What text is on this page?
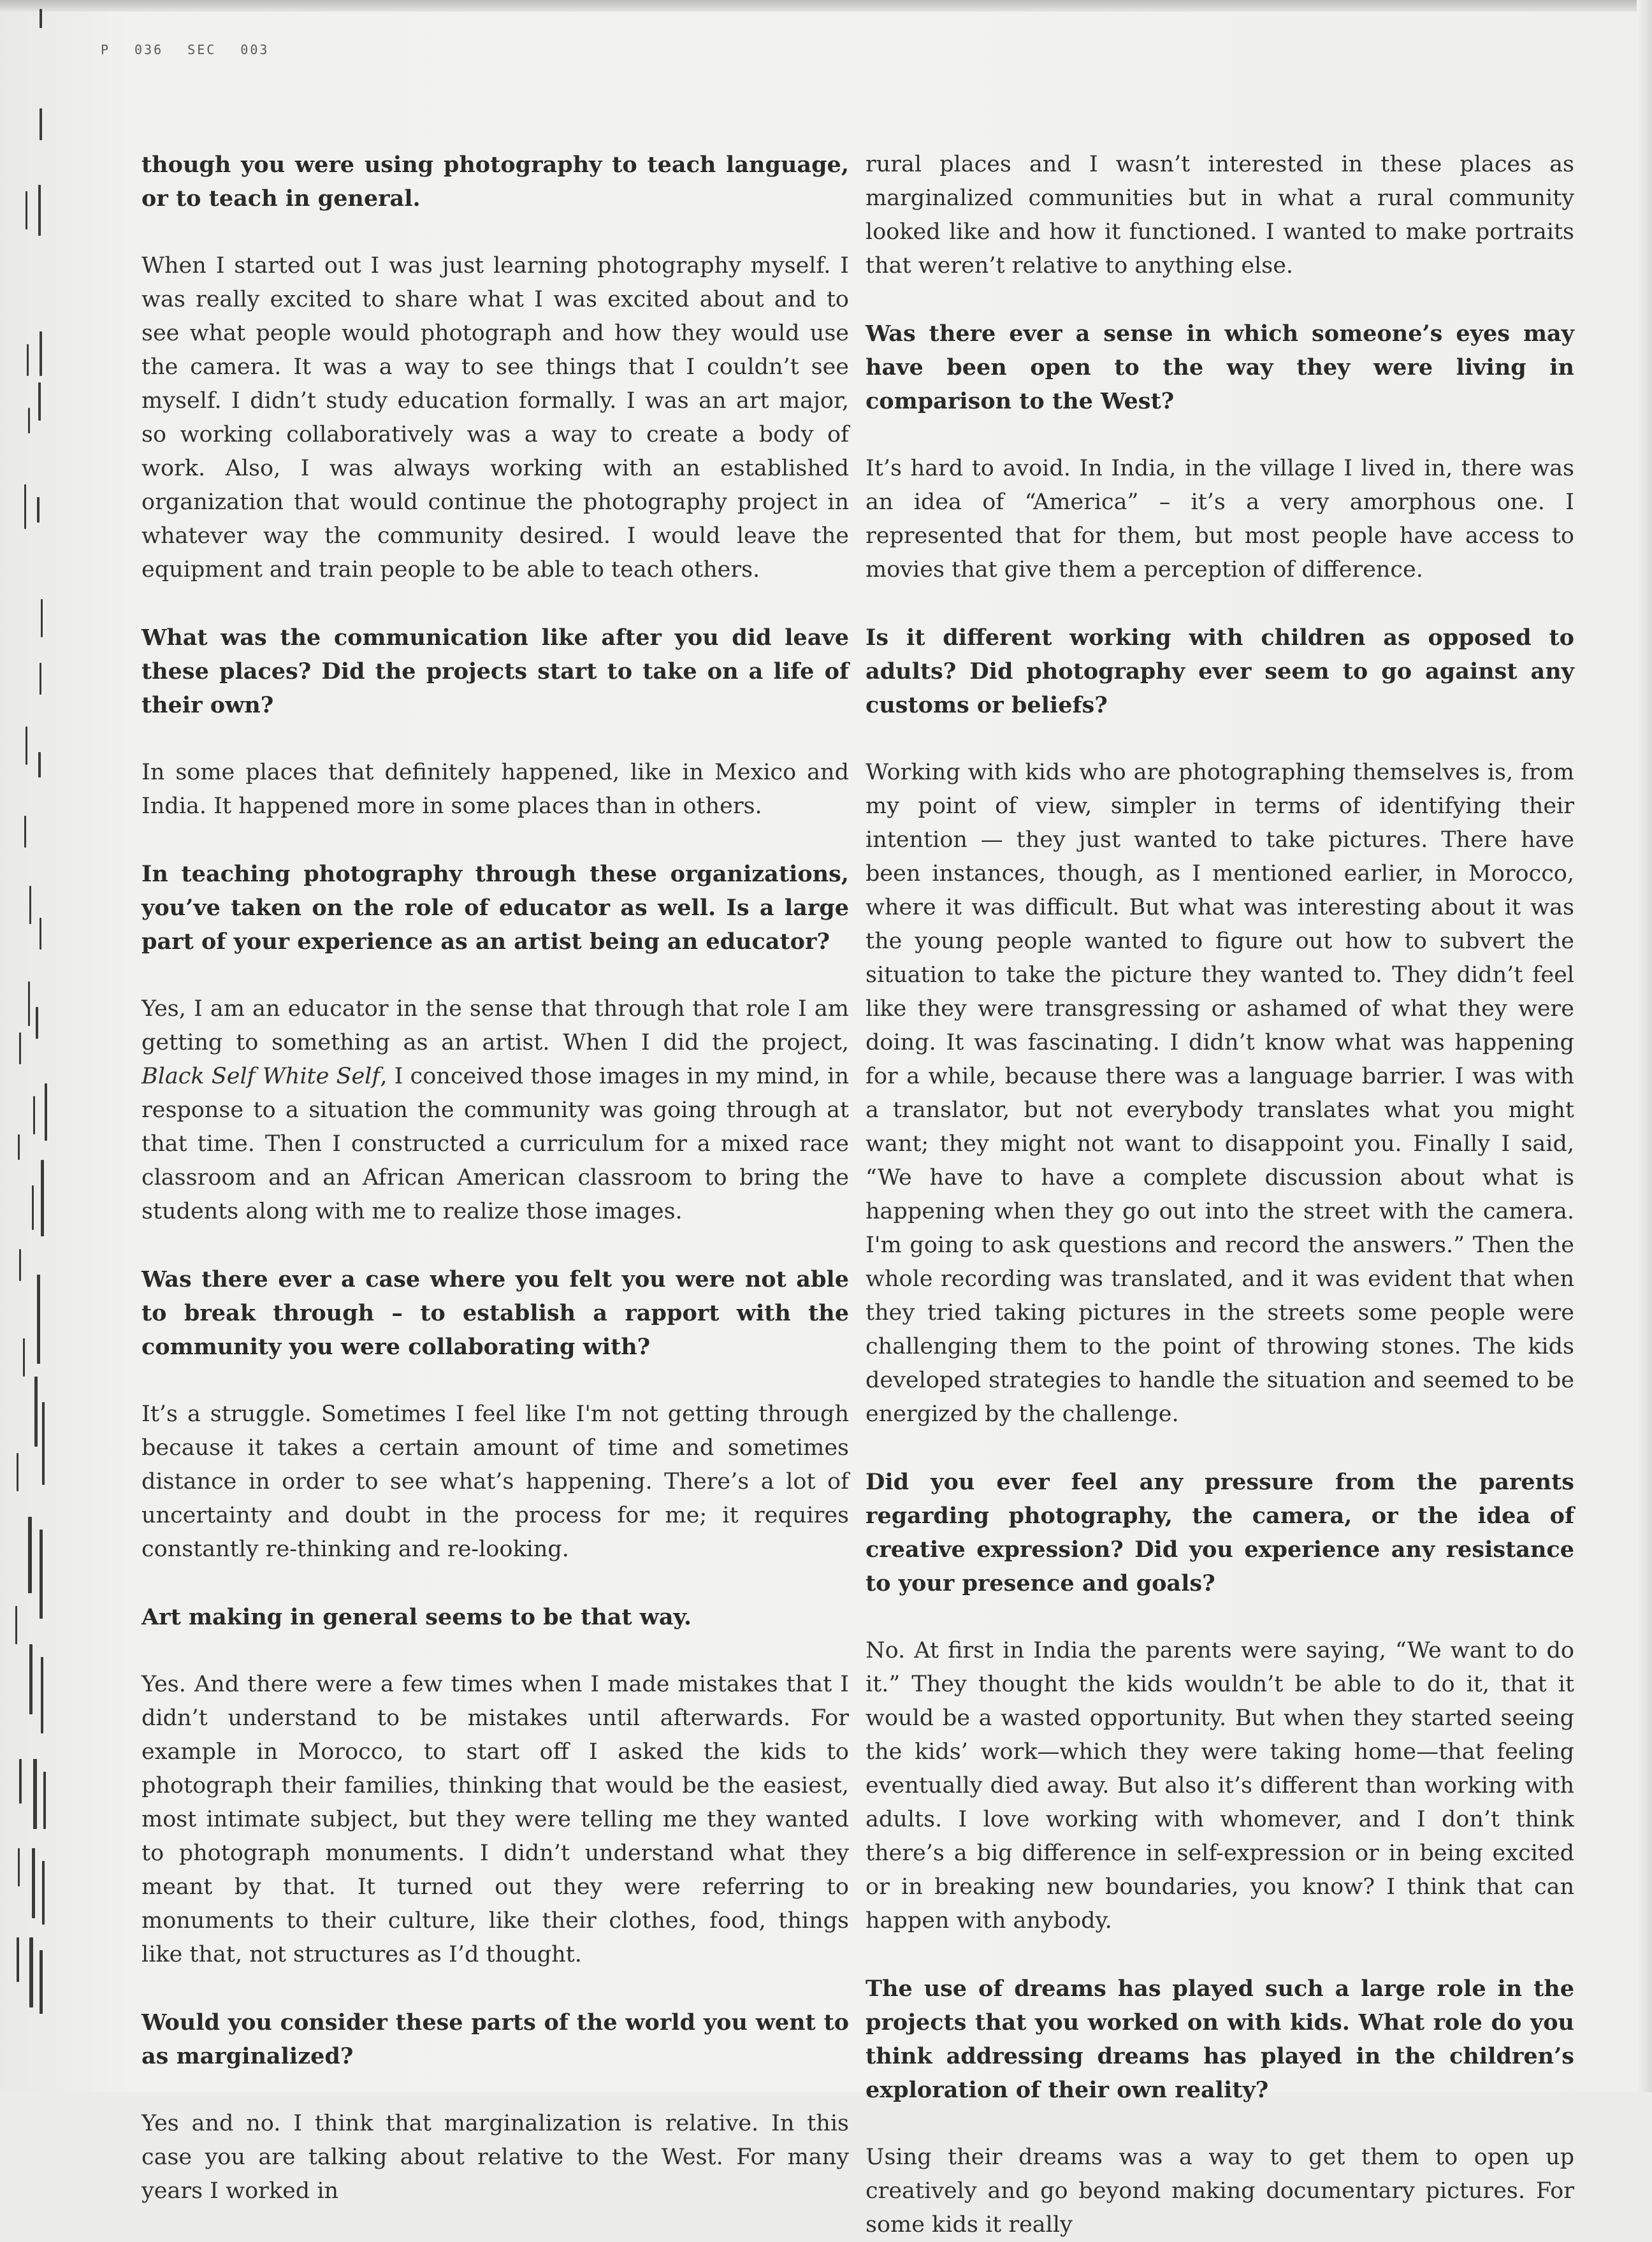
P 036 SEC 003

though you were using photography to teach language, or to teach in general.

When I started out I was just learning photography myself. I was really excited to share what I was excited about and to see what people would photograph and how they would use the camera. It was a way to see things that I couldn’t see myself. I didn’t study education formally. I was an art major, so working collaboratively was a way to create a body of work. Also, I was always working with an established organization that would continue the photography project in whatever way the community desired. I would leave the equipment and train people to be able to teach others.

What was the communication like after you did leave these places? Did the projects start to take on a life of their own?

In some places that definitely happened, like in Mexico and India. It happened more in some places than in others.

In teaching photography through these organizations, you’ve taken on the role of educator as well. Is a large part of your experience as an artist being an educator?

Yes, I am an educator in the sense that through that role I am getting to something as an artist. When I did the project, Black Self White Self, I conceived those images in my mind, in response to a situation the community was going through at that time. Then I constructed a curriculum for a mixed race classroom and an African American classroom to bring the students along with me to realize those images.

Was there ever a case where you felt you were not able to break through – to establish a rapport with the community you were collaborating with?

It’s a struggle. Sometimes I feel like I'm not getting through because it takes a certain amount of time and sometimes distance in order to see what’s happening. There’s a lot of uncertainty and doubt in the process for me; it requires constantly re-thinking and re-looking.

Art making in general seems to be that way.

Yes. And there were a few times when I made mistakes that I didn’t understand to be mistakes until afterwards. For example in Morocco, to start off I asked the kids to photograph their families, thinking that would be the easiest, most intimate subject, but they were telling me they wanted to photograph monuments. I didn’t understand what they meant by that. It turned out they were referring to monuments to their culture, like their clothes, food, things like that, not structures as I’d thought.

Would you consider these parts of the world you went to as marginalized?

Yes and no. I think that marginalization is relative. In this case you are talking about relative to the West. For many years I worked in

rural places and I wasn’t interested in these places as marginalized communities but in what a rural community looked like and how it functioned. I wanted to make portraits that weren’t relative to anything else.

Was there ever a sense in which someone’s eyes may have been open to the way they were living in comparison to the West?

It’s hard to avoid. In India, in the village I lived in, there was an idea of “America” – it’s a very amorphous one. I represented that for them, but most people have access to movies that give them a perception of difference.

Is it different working with children as opposed to adults? Did photography ever seem to go against any customs or beliefs?

Working with kids who are photographing themselves is, from my point of view, simpler in terms of identifying their intention — they just wanted to take pictures. There have been instances, though, as I mentioned earlier, in Morocco, where it was difficult. But what was interesting about it was the young people wanted to figure out how to subvert the situation to take the picture they wanted to. They didn’t feel like they were transgressing or ashamed of what they were doing. It was fascinating. I didn’t know what was happening for a while, because there was a language barrier. I was with a translator, but not everybody translates what you might want; they might not want to disappoint you. Finally I said, “We have to have a complete discussion about what is happening when they go out into the street with the camera. I'm going to ask questions and record the answers.” Then the whole recording was translated, and it was evident that when they tried taking pictures in the streets some people were challenging them to the point of throwing stones. The kids developed strategies to handle the situation and seemed to be energized by the challenge.

Did you ever feel any pressure from the parents regarding photography, the camera, or the idea of creative expression? Did you experience any resistance to your presence and goals?

No. At first in India the parents were saying, “We want to do it.” They thought the kids wouldn’t be able to do it, that it would be a wasted opportunity. But when they started seeing the kids’ work—which they were taking home—that feeling eventually died away. But also it’s different than working with adults. I love working with whomever, and I don’t think there’s a big difference in self-expression or in being excited or in breaking new boundaries, you know? I think that can happen with anybody.

The use of dreams has played such a large role in the projects that you worked on with kids. What role do you think addressing dreams has played in the children’s exploration of their own reality?

Using their dreams was a way to get them to open up creatively and go beyond making documentary pictures. For some kids it really
